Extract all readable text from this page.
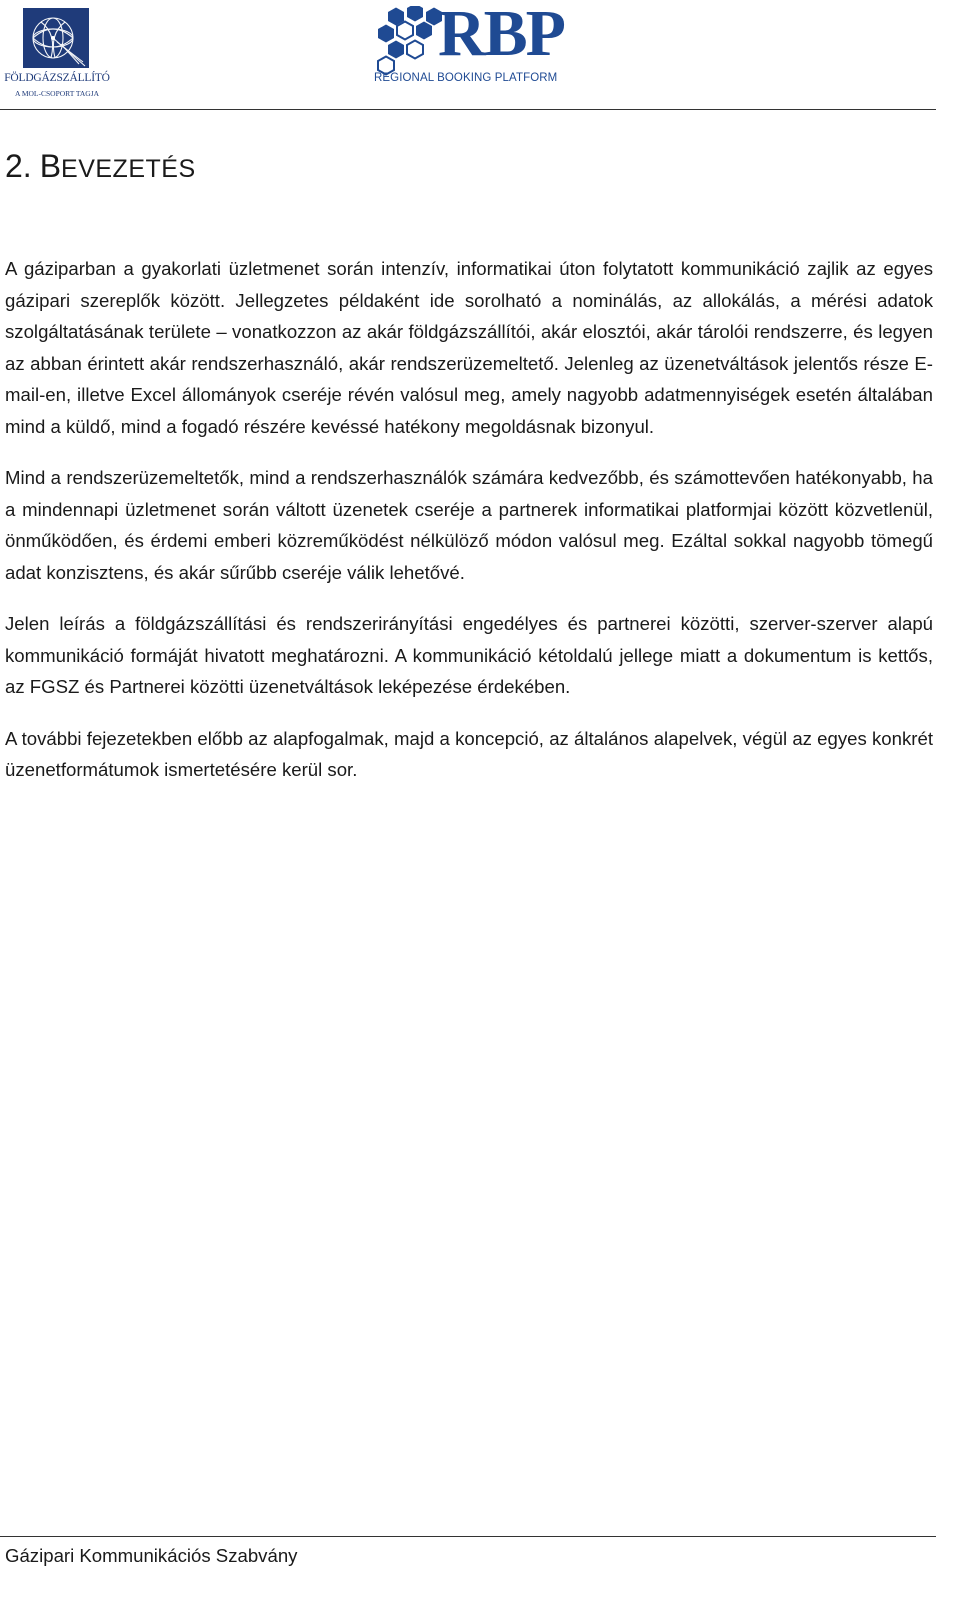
FÖLDGÁZSZÁLLÍTÓ
A MOL-CSOPORT TAGJA
RBP
REGIONAL BOOKING PLATFORM
2. BEVEZETÉS

A gáziparban a gyakorlati üzletmenet során intenzív, informatikai úton folytatott kommunikáció zajlik az egyes gázipari szereplők között. Jellegzetes példaként ide sorolható a nominálás, az allokálás, a mérési adatok szolgáltatásának területe – vonatkozzon az akár földgázszállítói, akár elosztói, akár tárolói rendszerre, és legyen az abban érintett akár rendszerhasználó, akár rendszerüzemeltető. Jelenleg az üzenetváltások jelentős része E-mail-en, illetve Excel állományok cseréje révén valósul meg, amely nagyobb adatmennyiségek esetén általában mind a küldő, mind a fogadó részére kevéssé hatékony megoldásnak bizonyul.

Mind a rendszerüzemeltetők, mind a rendszerhasználók számára kedvezőbb, és számottevően hatékonyabb, ha a mindennapi üzletmenet során váltott üzenetek cseréje a partnerek informatikai platformjai között közvetlenül, önműködően, és érdemi emberi közreműködést nélkülöző módon valósul meg. Ezáltal sokkal nagyobb tömegű adat konzisztens, és akár sűrűbb cseréje válik lehetővé.

Jelen leírás a földgázszállítási és rendszerirányítási engedélyes és partnerei közötti, szerver-szerver alapú kommunikáció formáját hivatott meghatározni. A kommunikáció kétoldalú jellege miatt a dokumentum is kettős, az FGSZ és Partnerei közötti üzenetváltások leképezése érdekében.

A további fejezetekben előbb az alapfogalmak, majd a koncepció, az általános alapelvek, végül az egyes konkrét üzenetformátumok ismertetésére kerül sor.

Gázipari Kommunikációs Szabvány
